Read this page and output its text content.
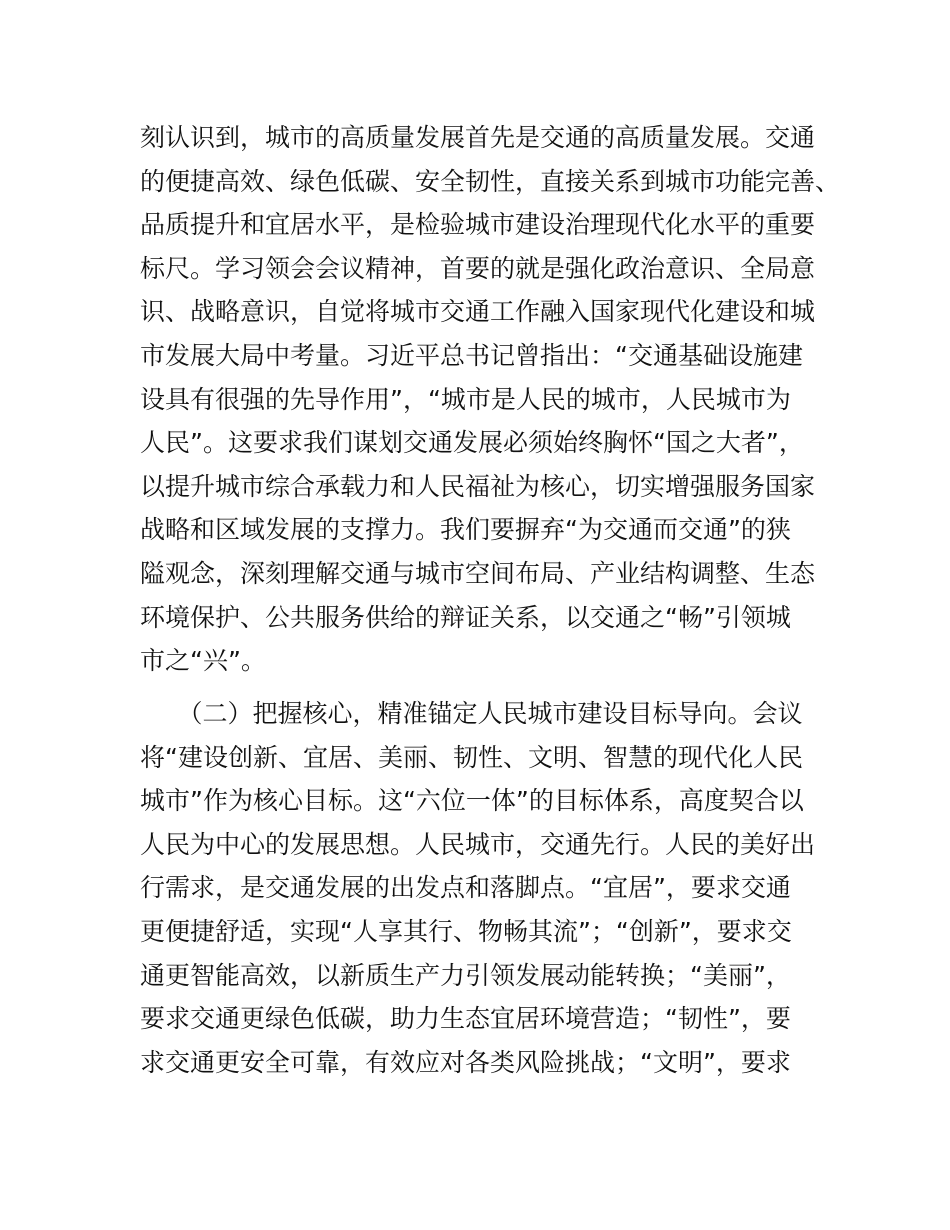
刻认识到，城市的高质量发展首先是交通的高质量发展。交通
的便捷高效、绿色低碳、安全韧性，直接关系到城市功能完善、
品质提升和宜居水平，是检验城市建设治理现代化水平的重要
标尺。学习领会会议精神，首要的就是强化政治意识、全局意
识、战略意识，自觉将城市交通工作融入国家现代化建设和城
市发展大局中考量。习近平总书记曾指出：“交通基础设施建
设具有很强的先导作用”，“城市是人民的城市，人民城市为
人民”。这要求我们谋划交通发展必须始终胸怀“国之大者”，
以提升城市综合承载力和人民福祉为核心，切实增强服务国家
战略和区域发展的支撑力。我们要摒弃“为交通而交通”的狭
隘观念，深刻理解交通与城市空间布局、产业结构调整、生态
环境保护、公共服务供给的辩证关系，以交通之“畅”引领城
市之“兴”。
　　（二）把握核心，精准锚定人民城市建设目标导向。会议
将“建设创新、宜居、美丽、韧性、文明、智慧的现代化人民
城市”作为核心目标。这“六位一体”的目标体系，高度契合以
人民为中心的发展思想。人民城市，交通先行。人民的美好出
行需求，是交通发展的出发点和落脚点。“宜居”，要求交通
更便捷舒适，实现“人享其行、物畅其流”；“创新”，要求交
通更智能高效，以新质生产力引领发展动能转换；“美丽”，
要求交通更绿色低碳，助力生态宜居环境营造；“韧性”，要
求交通更安全可靠，有效应对各类风险挑战；“文明”，要求
